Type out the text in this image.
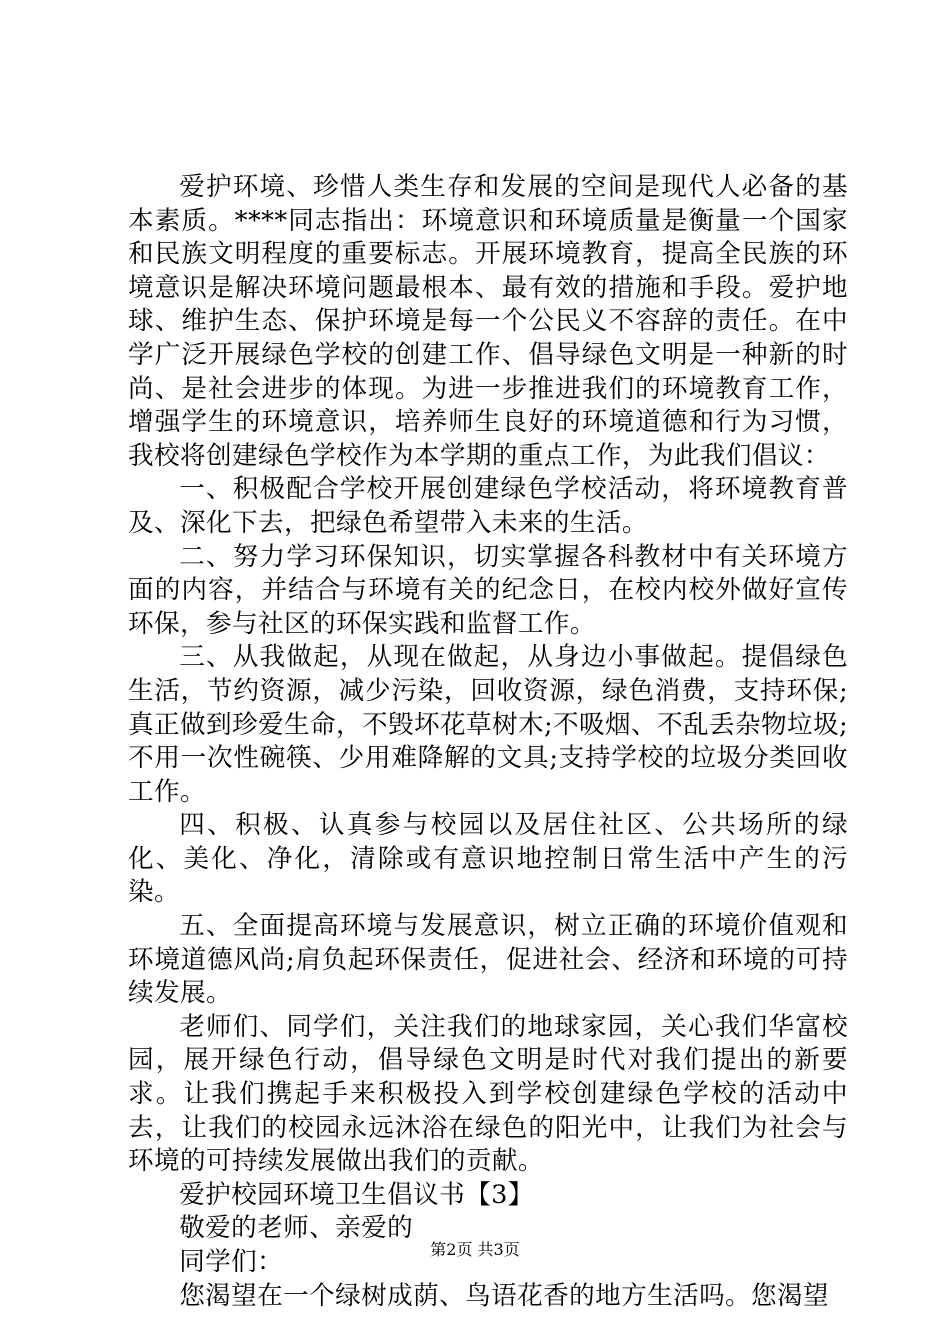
爱护环境、珍惜人类生存和发展的空间是现代人必备的基本素质。****同志指出：环境意识和环境质量是衡量一个国家和民族文明程度的重要标志。开展环境教育，提高全民族的环境意识是解决环境问题最根本、最有效的措施和手段。爱护地球、维护生态、保护环境是每一个公民义不容辞的责任。在中学广泛开展绿色学校的创建工作、倡导绿色文明是一种新的时尚、是社会进步的体现。为进一步推进我们的环境教育工作，增强学生的环境意识，培养师生良好的环境道德和行为习惯，我校将创建绿色学校作为本学期的重点工作，为此我们倡议：

一、积极配合学校开展创建绿色学校活动，将环境教育普及、深化下去，把绿色希望带入未来的生活。

二、努力学习环保知识，切实掌握各科教材中有关环境方面的内容，并结合与环境有关的纪念日，在校内校外做好宣传环保，参与社区的环保实践和监督工作。

三、从我做起，从现在做起，从身边小事做起。提倡绿色生活，节约资源，减少污染，回收资源，绿色消费，支持环保;真正做到珍爱生命，不毁坏花草树木;不吸烟、不乱丢杂物垃圾;不用一次性碗筷、少用难降解的文具;支持学校的垃圾分类回收工作。

四、积极、认真参与校园以及居住社区、公共场所的绿化、美化、净化，清除或有意识地控制日常生活中产生的污染。

五、全面提高环境与发展意识，树立正确的环境价值观和环境道德风尚;肩负起环保责任，促进社会、经济和环境的可持续发展。

老师们、同学们，关注我们的地球家园，关心我们华富校园，展开绿色行动，倡导绿色文明是时代对我们提出的新要求。让我们携起手来积极投入到学校创建绿色学校的活动中去，让我们的校园永远沐浴在绿色的阳光中，让我们为社会与环境的可持续发展做出我们的贡献。

爱护校园环境卫生倡议书【3】

敬爱的老师、亲爱的

同学们：

您渴望在一个绿树成荫、鸟语花香的地方生活吗。您渴望

第2页 共3页
